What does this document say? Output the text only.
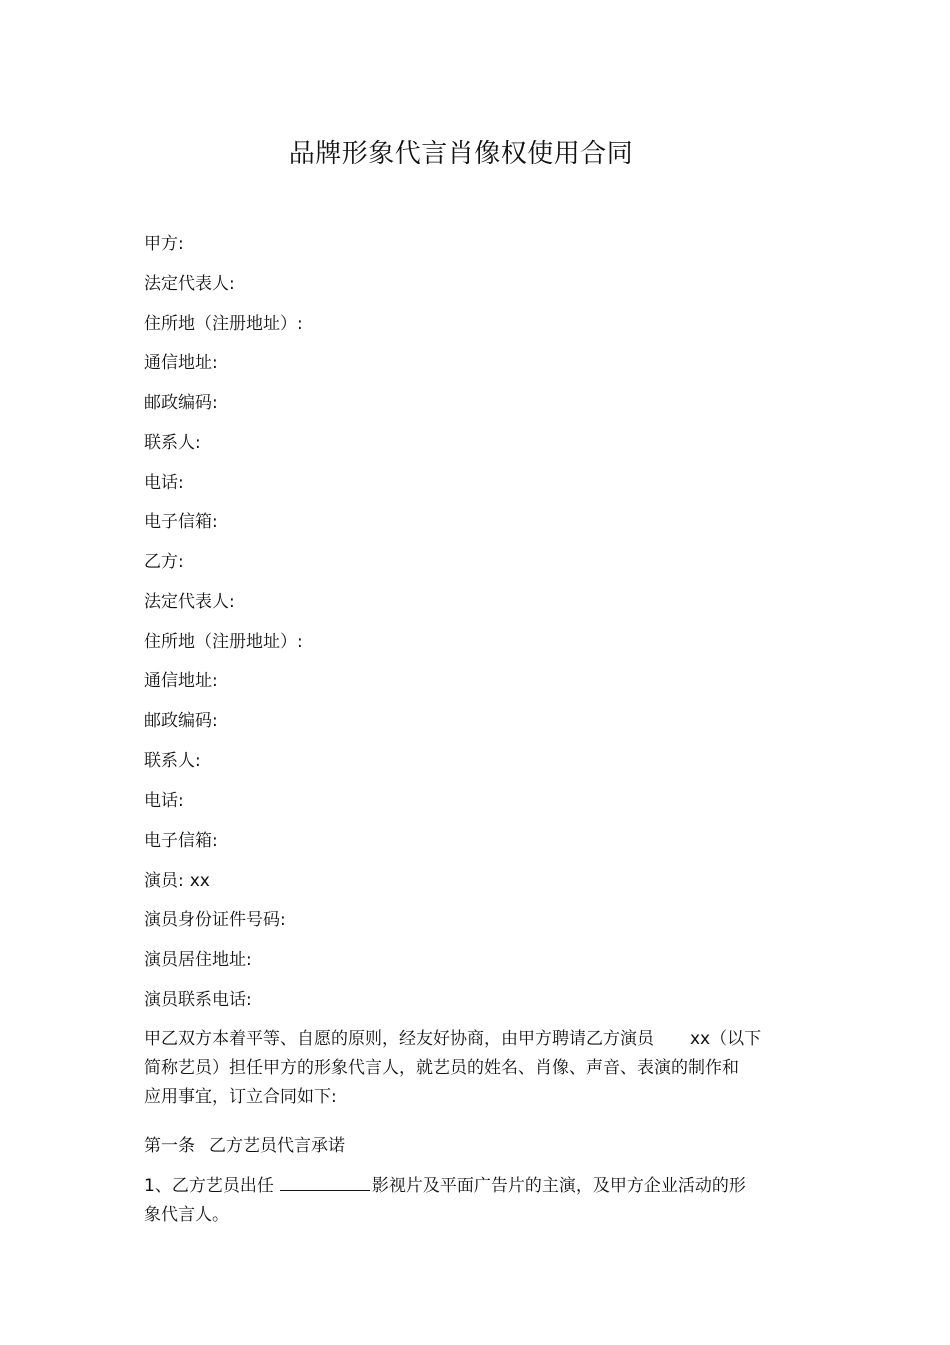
品牌形象代言肖像权使用合同
甲方:
法定代表人:
住所地（注册地址）:
通信地址:
邮政编码:
联系人:
电话:
电子信箱:
乙方:
法定代表人:
住所地（注册地址）:
通信地址:
邮政编码:
联系人:
电话:
电子信箱:
演员: xx
演员身份证件号码:
演员居住地址:
演员联系电话:
甲乙双方本着平等、自愿的原则，经友好协商，由甲方聘请乙方演员 xx（以下
简称艺员）担任甲方的形象代言人，就艺员的姓名、肖像、声音、表演的制作和
应用事宜，订立合同如下:
第一条 乙方艺员代言承诺
1、乙方艺员出任	影视片及平面广告片的主演，及甲方企业活动的形
象代言人。
